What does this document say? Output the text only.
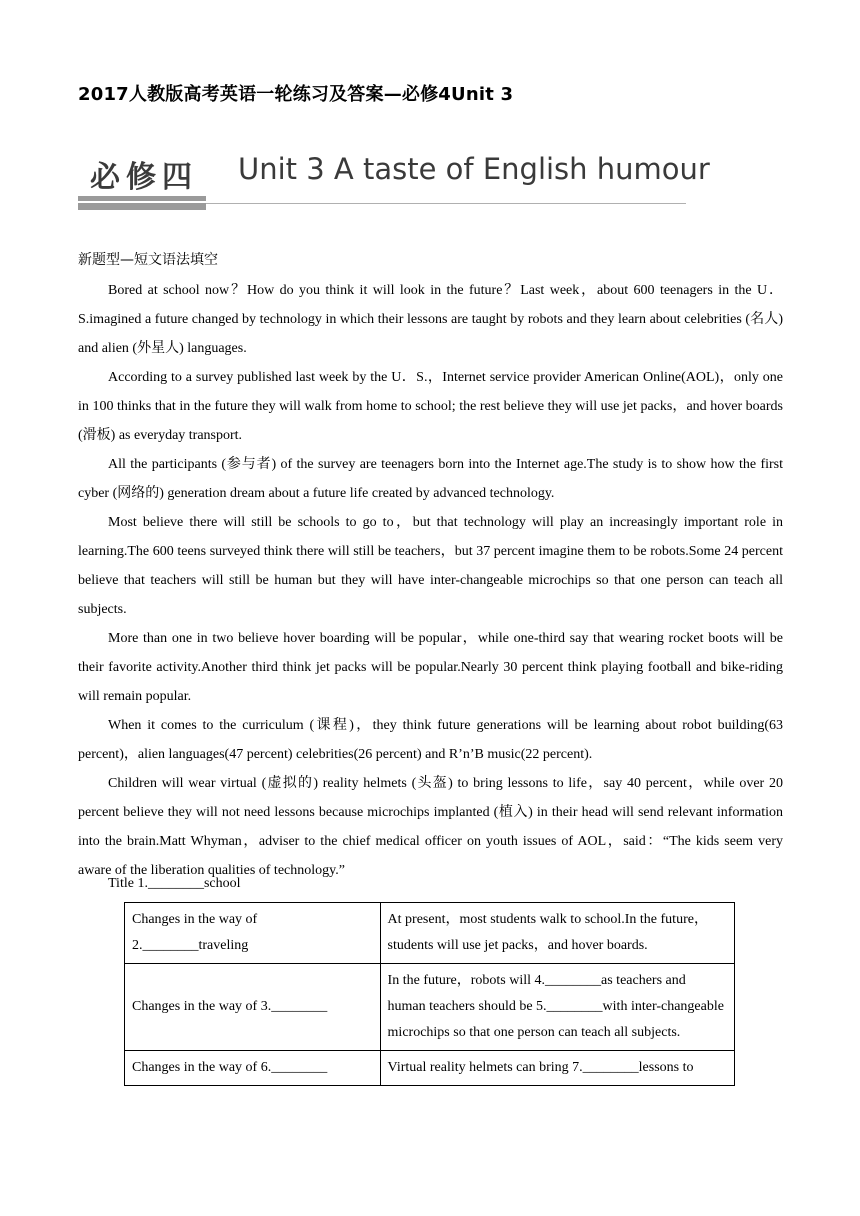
2017人教版高考英语一轮练习及答案—必修4Unit 3
必修四 Unit 3 A taste of English humour
新题型—短文语法填空

Bored at school now？How do you think it will look in the future？Last week，about 600 teenagers in the U．S.imagined a future changed by technology in which their lessons are taught by robots and they learn about celebrities (名人) and alien (外星人) languages.

According to a survey published last week by the U．S.，Internet service provider American Online(AOL)，only one in 100 thinks that in the future they will walk from home to school; the rest believe they will use jet packs，and hover boards (滑板) as everyday transport.

All the participants (参与者) of the survey are teenagers born into the Internet age.The study is to show how the first cyber (网络的) generation dream about a future life created by advanced technology.

Most believe there will still be schools to go to，but that technology will play an increasingly important role in learning.The 600 teens surveyed think there will still be teachers，but 37 percent imagine them to be robots.Some 24 percent believe that teachers will still be human but they will have inter-changeable microchips so that one person can teach all subjects.

More than one in two believe hover boarding will be popular，while one-third say that wearing rocket boots will be their favorite activity.Another third think jet packs will be popular.Nearly 30 percent think playing football and bike-riding will remain popular.

When it comes to the curriculum (课程)，they think future generations will be learning about robot building(63 percent)，alien languages(47 percent) celebrities(26 percent) and R’n’B music(22 percent).

Children will wear virtual (虚拟的) reality helmets (头盔) to bring lessons to life，say 40 percent，while over 20 percent believe they will not need lessons because microchips implanted (植入) in their head will send relevant information into the brain.Matt Whyman，adviser to the chief medical officer on youth issues of AOL，said：“The kids seem very aware of the liberation qualities of technology.”

Title 1.________school
Changes in the way of
2.________traveling	At present，most students walk to school.In the future，students will use jet packs，and hover boards.

Changes in the way of 3.________	In the future，robots will 4.________as teachers and human teachers should be 5.________with inter-changeable microchips so that one person can teach all subjects.

Changes in the way of 6.________	Virtual reality helmets can bring 7.________lessons to
